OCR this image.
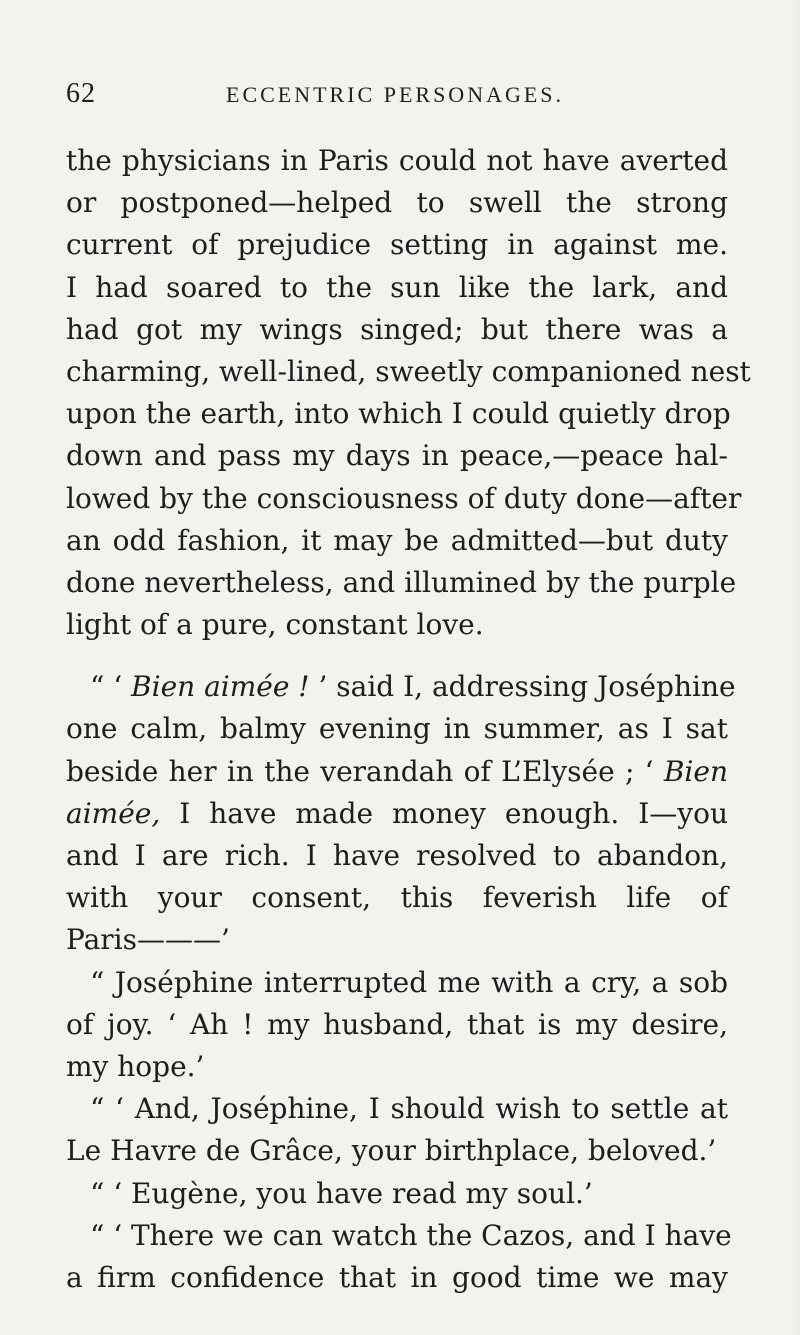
62	ECCENTRIC PERSONAGES.
the physicians in Paris could not have averted
or postponed—helped to swell the strong
current of prejudice setting in against me.
I had soared to the sun like the lark, and
had got my wings singed; but there was a
charming, well-lined, sweetly companioned nest
upon the earth, into which I could quietly drop
down and pass my days in peace,—peace hal-
lowed by the consciousness of duty done—after
an odd fashion, it may be admitted—but duty
done nevertheless, and illumined by the purple
light of a pure, constant love.
“ ‘ Bien aimée ! ’ said I, addressing Joséphine
one calm, balmy evening in summer, as I sat
beside her in the verandah of L’Elysée ; ‘ Bien
aimée, I have made money enough. I—you
and I are rich. I have resolved to abandon,
with your consent, this feverish life of
Paris———’
“ Joséphine interrupted me with a cry, a sob
of joy. ‘ Ah ! my husband, that is my desire,
my hope.’
“ ‘ And, Joséphine, I should wish to settle at
Le Havre de Grâce, your birthplace, beloved.’
“ ‘ Eugène, you have read my soul.’
“ ‘ There we can watch the Cazos, and I have
a firm confidence that in good time we may
